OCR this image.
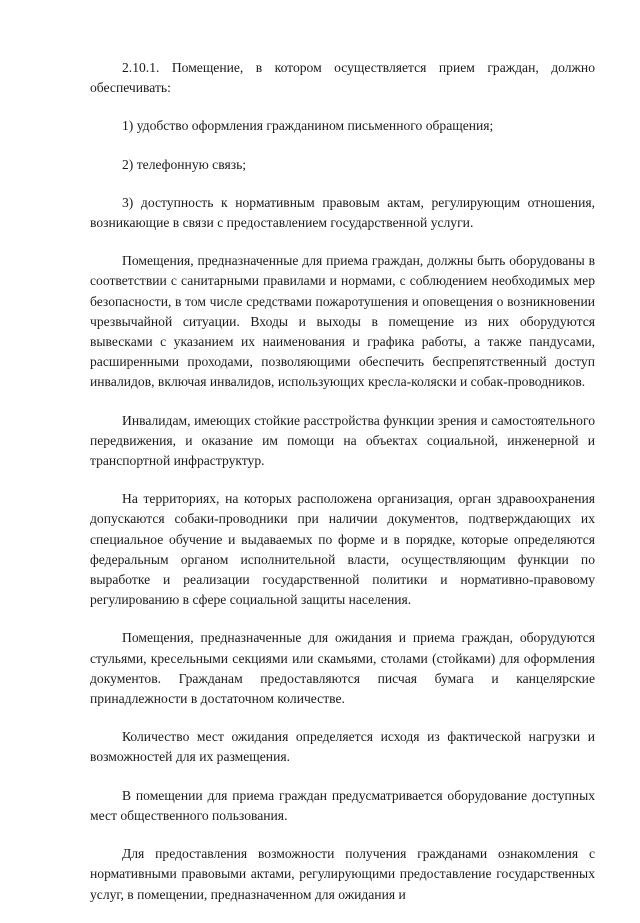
2.10.1. Помещение, в котором осуществляется прием граждан, должно обеспечивать:

1) удобство оформления гражданином письменного обращения;

2) телефонную связь;

3) доступность к нормативным правовым актам, регулирующим отношения, возникающие в связи с предоставлением государственной услуги.

Помещения, предназначенные для приема граждан, должны быть оборудованы в соответствии с санитарными правилами и нормами, с соблюдением необходимых мер безопасности, в том числе средствами пожаротушения и оповещения о возникновении чрезвычайной ситуации. Входы и выходы в помещение из них оборудуются вывесками с указанием их наименования и графика работы, а также пандусами, расширенными проходами, позволяющими обеспечить беспрепятственный доступ инвалидов, включая инвалидов, использующих кресла-коляски и собак-проводников.

Инвалидам, имеющих стойкие расстройства функции зрения и самостоятельного передвижения, и оказание им помощи на объектах социальной, инженерной и транспортной инфраструктур.

На территориях, на которых расположена организация, орган здравоохранения допускаются собаки-проводники при наличии документов, подтверждающих их специальное обучение и выдаваемых по форме и в порядке, которые определяются федеральным органом исполнительной власти, осуществляющим функции по выработке и реализации государственной политики и нормативно-правовому регулированию в сфере социальной защиты населения.

Помещения, предназначенные для ожидания и приема граждан, оборудуются стульями, кресельными секциями или скамьями, столами (стойками) для оформления документов. Гражданам предоставляются писчая бумага и канцелярские принадлежности в достаточном количестве.

Количество мест ожидания определяется исходя из фактической нагрузки и возможностей для их размещения.

В помещении для приема граждан предусматривается оборудование доступных мест общественного пользования.

Для предоставления возможности получения гражданами ознакомления с нормативными правовыми актами, регулирующими предоставление государственных услуг, в помещении, предназначенном для ожидания и
